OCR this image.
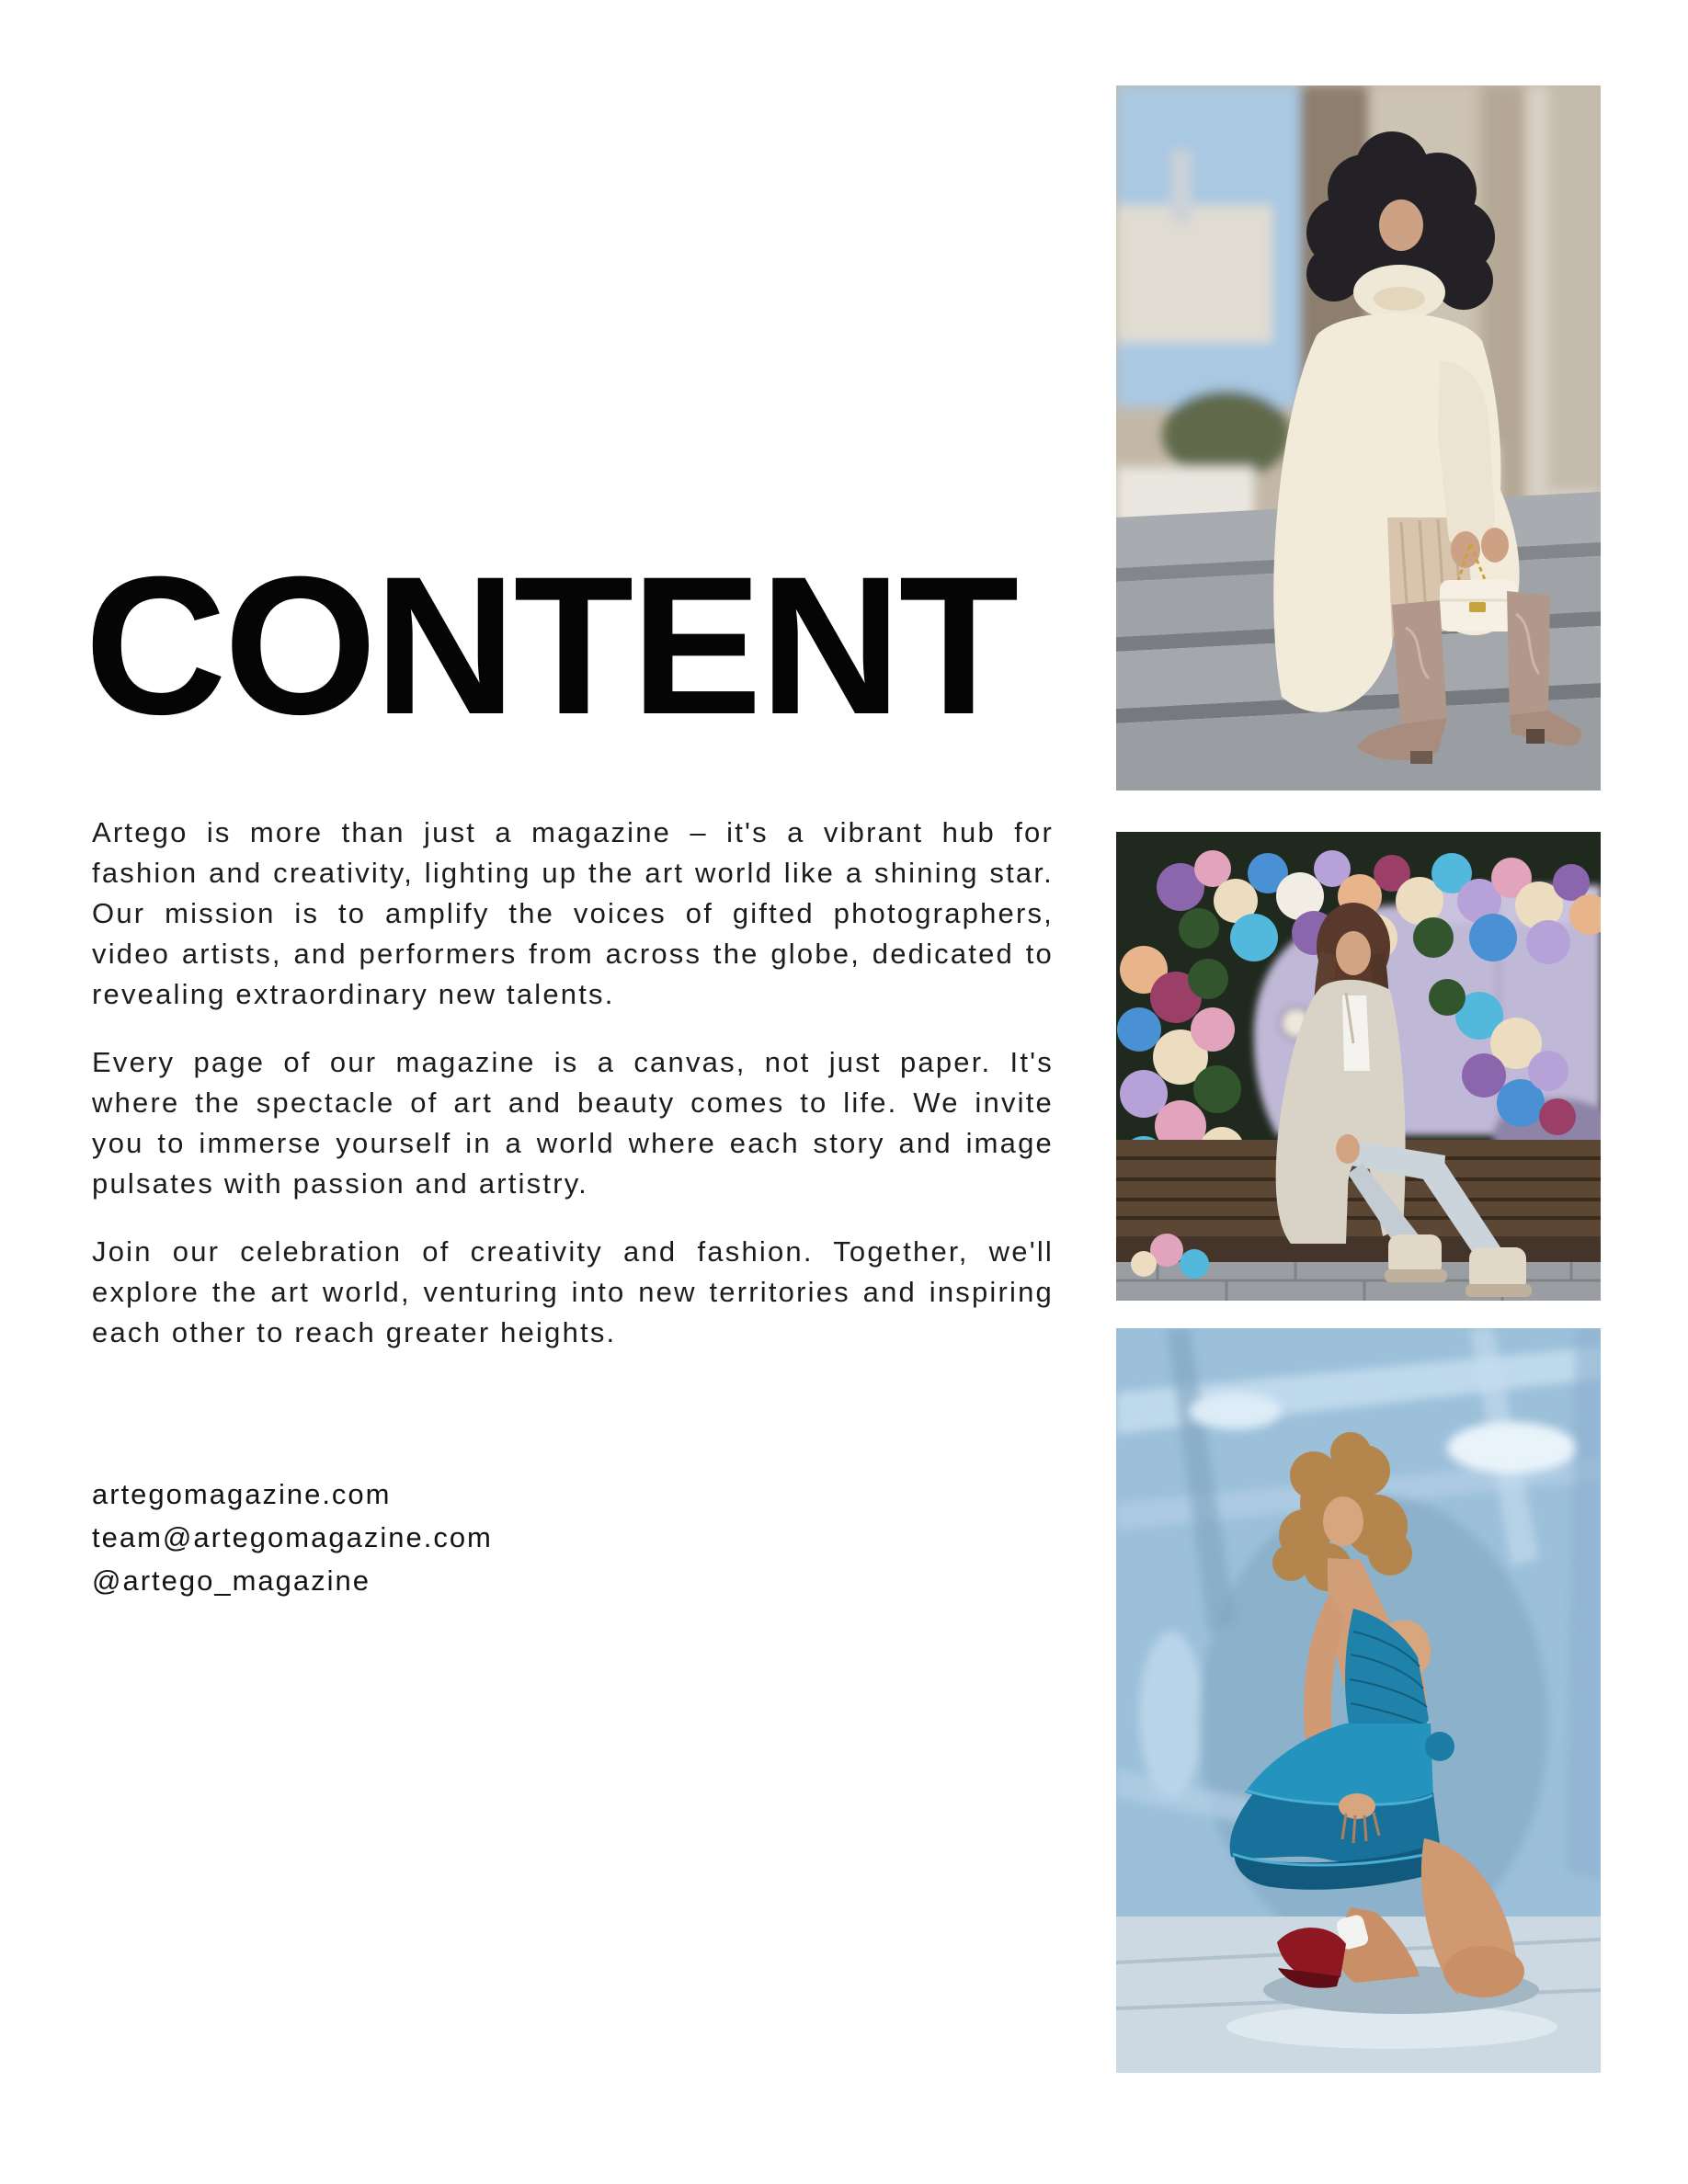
CONTENT

Artego is more than just a magazine – it's a vibrant hub for fashion and creativity, lighting up the art world like a shining star. Our mission is to amplify the voices of gifted photographers, video artists, and performers from across the globe, dedicated to revealing extraordinary new talents.

Every page of our magazine is a canvas, not just paper. It's where the spectacle of art and beauty comes to life. We invite you to immerse yourself in a world where each story and image pulsates with passion and artistry.

Join our celebration of creativity and fashion. Together, we'll explore the art world, venturing into new territories and inspiring each other to reach greater heights.

artegomagazine.com
team@artegomagazine.com
@artego_magazine
